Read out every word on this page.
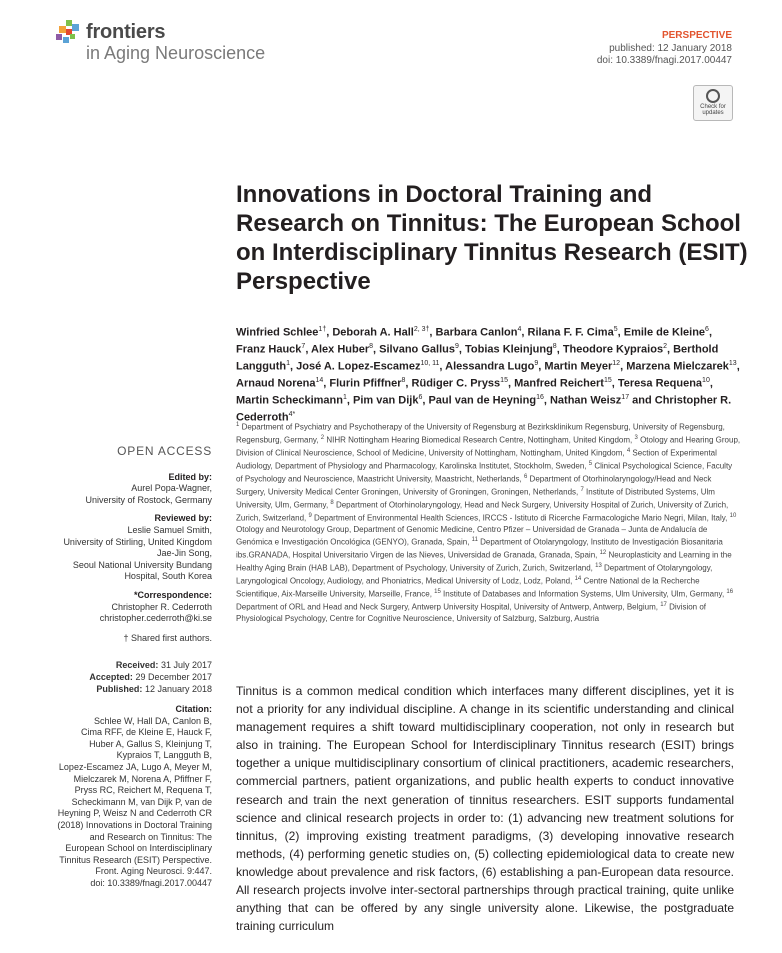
frontiers
in Aging Neuroscience
PERSPECTIVE
published: 12 January 2018
doi: 10.3389/fnagi.2017.00447
Check for
updates
Innovations in Doctoral Training and Research on Tinnitus: The European School on Interdisciplinary Tinnitus Research (ESIT) Perspective
Winfried Schlee$^{1\dagger}$, Deborah A. Hall$^{2, 3\dagger}$, Barbara Canlon$^4$, Rilana F. F. Cima$^5$, Emile de Kleine$^6$, Franz Hauck$^7$, Alex Huber$^8$, Silvano Gallus$^9$, Tobias Kleinjung$^8$, Theodore Kypraios$^2$, Berthold Langguth$^1$, José A. Lopez-Escamez$^{10, 11}$, Alessandra Lugo$^9$, Martin Meyer$^{12}$, Marzena Mielczarek$^{13}$, Arnaud Norena$^{14}$, Flurin Pfiffner$^8$, Rüdiger C. Pryss$^{15}$, Manfred Reichert$^{15}$, Teresa Requena$^{10}$, Martin Scheckimann$^1$, Pim van Dijk$^6$, Paul van de Heyning$^{16}$, Nathan Weisz$^{17}$ and Christopher R. Cederroth$^{4*}$
$^1$ Department of Psychiatry and Psychotherapy of the University of Regensburg at Bezirksklinikum Regensburg, University of Regensburg, Regensburg, Germany, $^2$ NIHR Nottingham Hearing Biomedical Research Centre, Nottingham, United Kingdom, $^3$ Otology and Hearing Group, Division of Clinical Neuroscience, School of Medicine, University of Nottingham, Nottingham, United Kingdom, $^4$ Section of Experimental Audiology, Department of Physiology and Pharmacology, Karolinska Institutet, Stockholm, Sweden, $^5$ Clinical Psychological Science, Faculty of Psychology and Neuroscience, Maastricht University, Maastricht, Netherlands, $^6$ Department of Otorhinolaryngology/Head and Neck Surgery, University Medical Center Groningen, University of Groningen, Groningen, Netherlands, $^7$ Institute of Distributed Systems, Ulm University, Ulm, Germany, $^8$ Department of Otorhinolaryngology, Head and Neck Surgery, University Hospital of Zurich, University of Zurich, Zurich, Switzerland, $^9$ Department of Environmental Health Sciences, IRCCS - Istituto di Ricerche Farmacologiche Mario Negri, Milan, Italy, $^{10}$ Otology and Neurotology Group, Department of Genomic Medicine, Centro Pfizer – Universidad de Granada – Junta de Andalucía de Genómica e Investigación Oncológica (GENYO), Granada, Spain, $^{11}$ Department of Otolaryngology, Instituto de Investigación Biosanitaria ibs.GRANADA, Hospital Universitario Virgen de las Nieves, Universidad de Granada, Granada, Spain, $^{12}$ Neuroplasticity and Learning in the Healthy Aging Brain (HAB LAB), Department of Psychology, University of Zurich, Zurich, Switzerland, $^{13}$ Department of Otolaryngology, Laryngological Oncology, Audiology, and Phoniatrics, Medical University of Lodz, Lodz, Poland, $^{14}$ Centre National de la Recherche Scientifique, Aix-Marseille University, Marseille, France, $^{15}$ Institute of Databases and Information Systems, Ulm University, Ulm, Germany, $^{16}$ Department of ORL and Head and Neck Surgery, Antwerp University Hospital, University of Antwerp, Antwerp, Belgium, $^{17}$ Division of Physiological Psychology, Centre for Cognitive Neuroscience, University of Salzburg, Salzburg, Austria
OPEN ACCESS
Edited by:
Aurel Popa-Wagner,
University of Rostock, Germany
Reviewed by:
Leslie Samuel Smith,
University of Stirling, United Kingdom
Jae-Jin Song,
Seoul National University Bundang
Hospital, South Korea
*Correspondence:
Christopher R. Cederroth
christopher.cederroth@ki.se
† Shared first authors.
Received: 31 July 2017
Accepted: 29 December 2017
Published: 12 January 2018
Citation:
Schlee W, Hall DA, Canlon B,
Cima RFF, de Kleine E, Hauck F,
Huber A, Gallus S, Kleinjung T,
Kypraios T, Langguth B,
Lopez-Escamez JA, Lugo A, Meyer M,
Mielczarek M, Norena A, Pfiffner F,
Pryss RC, Reichert M, Requena T,
Scheckimann M, van Dijk P, van de
Heyning P, Weisz N and Cederroth CR
(2018) Innovations in Doctoral Training
and Research on Tinnitus: The
European School on Interdisciplinary
Tinnitus Research (ESIT) Perspective.
Front. Aging Neurosci. 9:447.
doi: 10.3389/fnagi.2017.00447

Tinnitus is a common medical condition which interfaces many different disciplines, yet it is not a priority for any individual discipline. A change in its scientific understanding and clinical management requires a shift toward multidisciplinary cooperation, not only in research but also in training. The European School for Interdisciplinary Tinnitus research (ESIT) brings together a unique multidisciplinary consortium of clinical practitioners, academic researchers, commercial partners, patient organizations, and public health experts to conduct innovative research and train the next generation of tinnitus researchers. ESIT supports fundamental science and clinical research projects in order to: (1) advancing new treatment solutions for tinnitus, (2) improving existing treatment paradigms, (3) developing innovative research methods, (4) performing genetic studies on, (5) collecting epidemiological data to create new knowledge about prevalence and risk factors, (6) establishing a pan-European data resource. All research projects involve inter-sectoral partnerships through practical training, quite unlike anything that can be offered by any single university alone. Likewise, the postgraduate training curriculum
